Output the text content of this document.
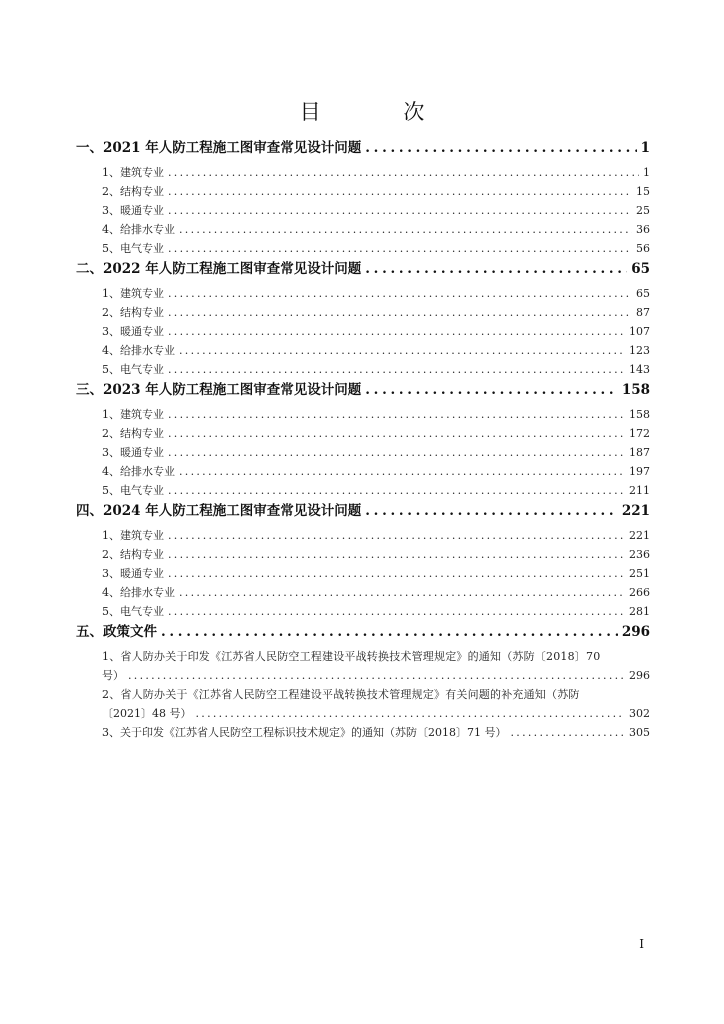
目 次
一、2021 年人防工程施工图审查常见设计问题 . . .	1
1、建筑专业 . . .	1
2、结构专业 . . .	15
3、暖通专业 . . .	25
4、给排水专业 . . .	36
5、电气专业 . . .	56
二、2022 年人防工程施工图审查常见设计问题 . . .	65
1、建筑专业 . . .	65
2、结构专业 . . .	87
3、暖通专业 . . .	107
4、给排水专业 . . .	123
5、电气专业 . . .	143
三、2023 年人防工程施工图审查常见设计问题 . . .	158
1、建筑专业 . . .	158
2、结构专业 . . .	172
3、暖通专业 . . .	187
4、给排水专业 . . .	197
5、电气专业 . . .	211
四、2024 年人防工程施工图审查常见设计问题 . . .	221
1、建筑专业 . . .	221
2、结构专业 . . .	236
3、暖通专业 . . .	251
4、给排水专业 . . .	266
5、电气专业 . . .	281
五、政策文件 . . .	296
1、省人防办关于印发《江苏省人民防空工程建设平战转换技术管理规定》的通知（苏防〔2018〕70
号） . . .	296
2、省人防办关于《江苏省人民防空工程建设平战转换技术管理规定》有关问题的补充通知（苏防
〔2021〕48 号） . . .	302
3、关于印发《江苏省人民防空工程标识技术规定》的通知（苏防〔2018〕71 号） . . .	305
I
